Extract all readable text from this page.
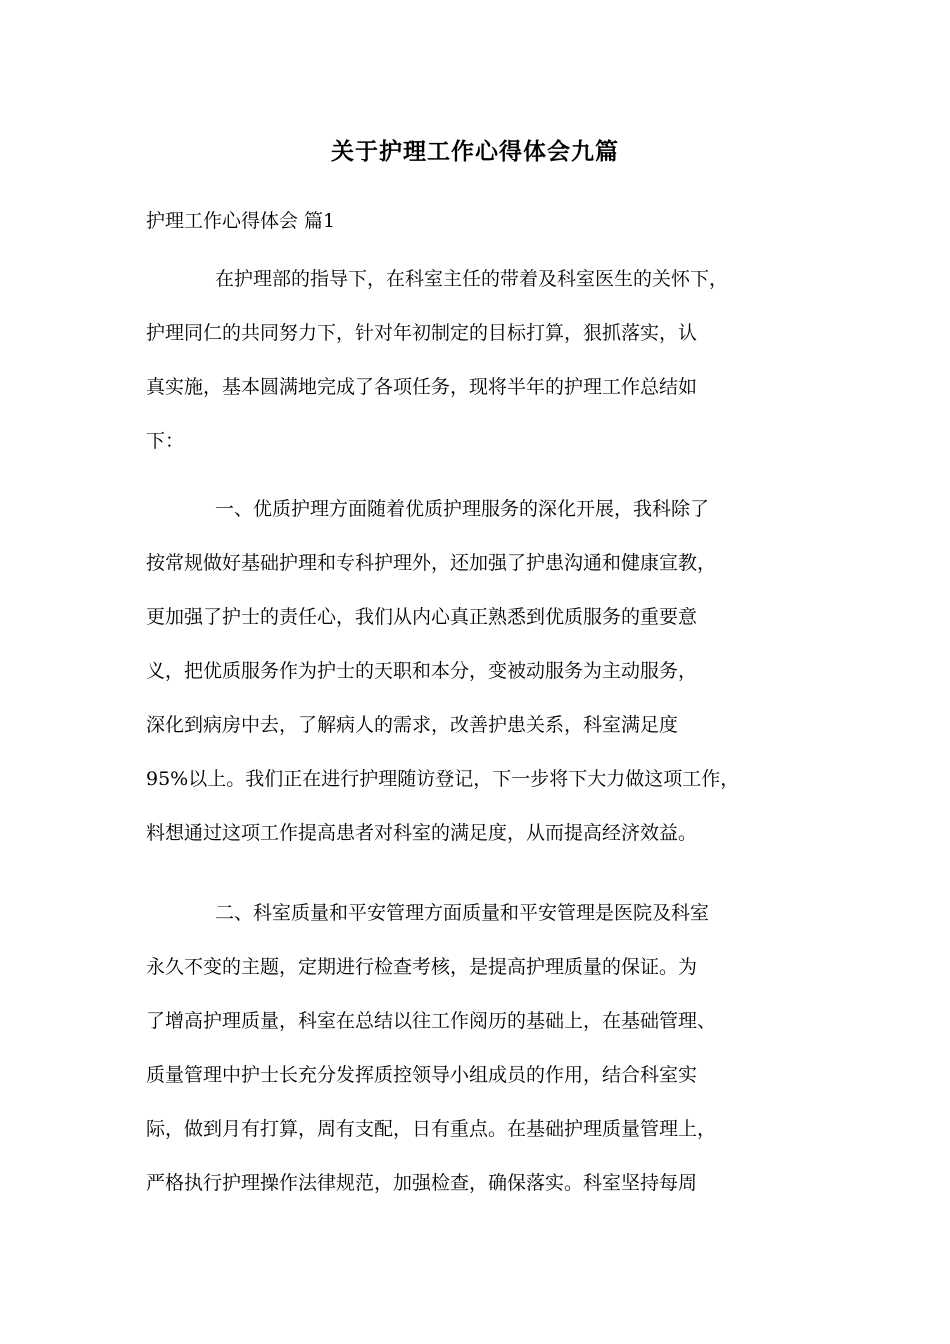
关于护理工作心得体会九篇

护理工作心得体会 篇1

在护理部的指导下，在科室主任的带着及科室医生的关怀下，
护理同仁的共同努力下，针对年初制定的目标打算，狠抓落实，认
真实施，基本圆满地完成了各项任务，现将半年的护理工作总结如
下：
一、优质护理方面随着优质护理服务的深化开展，我科除了
按常规做好基础护理和专科护理外，还加强了护患沟通和健康宣教，
更加强了护士的责任心，我们从内心真正熟悉到优质服务的重要意
义，把优质服务作为护士的天职和本分，变被动服务为主动服务，
深化到病房中去，了解病人的需求，改善护患关系，科室满足度
95%以上。我们正在进行护理随访登记，下一步将下大力做这项工作，
料想通过这项工作提高患者对科室的满足度，从而提高经济效益。
二、科室质量和平安管理方面质量和平安管理是医院及科室
永久不变的主题，定期进行检查考核，是提高护理质量的保证。为
了增高护理质量，科室在总结以往工作阅历的基础上，在基础管理、
质量管理中护士长充分发挥质控领导小组成员的作用，结合科室实
际，做到月有打算，周有支配，日有重点。在基础护理质量管理上，
严格执行护理操作法律规范，加强检查，确保落实。科室坚持每周
